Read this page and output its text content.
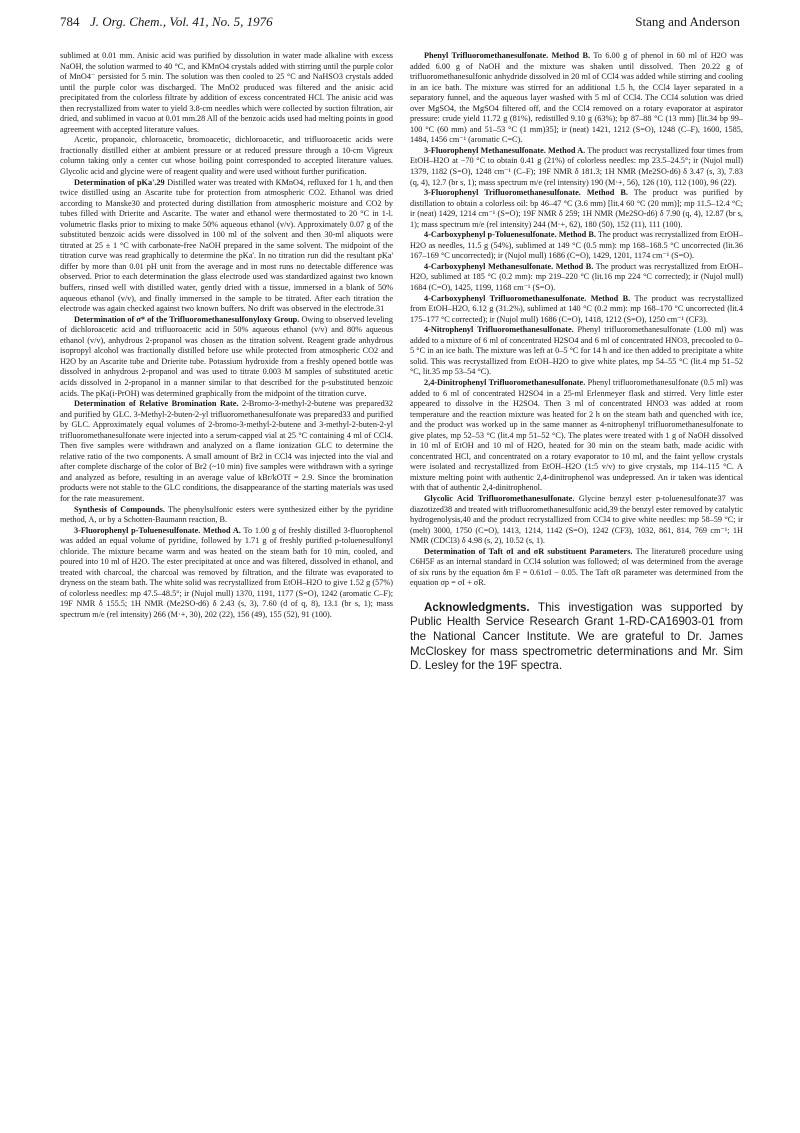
784 J. Org. Chem., Vol. 41, No. 5, 1976	Stang and Anderson

sublimed at 0.01 mm. Anisic acid was purified by dissolution in water made alkaline with excess NaOH, the solution warmed to 40 °C, and KMnO4 crystals added with stirring until the purple color of MnO4⁻ persisted for 5 min. The solution was then cooled to 25 °C and NaHSO3 crystals added until the purple color was discharged. The MnO2 produced was filtered and the anisic acid precipitated from the colorless filtrate by addition of excess concentrated HCl. The anisic acid was then recrystallized from water to yield 3.8-cm needles which were collected by suction filtration, air dried, and sublimed in vacuo at 0.01 mm.28 All of the benzoic acids used had melting points in good agreement with accepted literature values.

Acetic, propanoic, chloroacetic, bromoacetic, dichloroacetic, and trifluoroacetic acids were fractionally distilled either at ambient pressure or at reduced pressure through a 10-cm Vigreux column taking only a center cut whose boiling point corresponded to accepted literature values. Glycolic acid and glycine were of reagent quality and were used without further purification.

Determination of pKa'.29 Distilled water was treated with KMnO4, refluxed for 1 h, and then twice distilled using an Ascarite tube for protection from atmospheric CO2. Ethanol was dried according to Manske30 and protected during distillation from atmospheric moisture and CO2 by tubes filled with Drierite and Ascarite. The water and ethanol were thermostated to 20 °C in 1-l. volumetric flasks prior to mixing to make 50% aqueous ethanol (v/v). Approximately 0.07 g of the substituted benzoic acids were dissolved in 100 ml of the solvent and then 30-ml aliquots were titrated at 25 ± 1 °C with carbonate-free NaOH prepared in the same solvent. The midpoint of the titration curve was read graphically to determine the pKa'. In no titration run did the resultant pKa' differ by more than 0.01 pH unit from the average and in most runs no detectable difference was observed. Prior to each determination the glass electrode used was standardized against two known buffers, rinsed well with distilled water, gently dried with a tissue, immersed in a blank of 50% aqueous ethanol (v/v), and finally immersed in the sample to be titrated. After each titration the electrode was again checked against two known buffers. No drift was observed in the electrode.31

Determination of σ* of the Trifluoromethanesulfonyloxy Group. Owing to observed leveling of dichloroacetic acid and trifluoroacetic acid in 50% aqueous ethanol (v/v) and 80% aqueous ethanol (v/v), anhydrous 2-propanol was chosen as the titration solvent. Reagent grade anhydrous isopropyl alcohol was fractionally distilled before use while protected from atmospheric CO2 and H2O by an Ascarite tube and Drierite tube. Potassium hydroxide from a freshly opened bottle was dissolved in anhydrous 2-propanol and was used to titrate 0.003 M samples of substituted acetic acids dissolved in 2-propanol in a manner similar to that described for the p-substituted benzoic acids. The pKa(i-PrOH) was determined graphically from the midpoint of the titration curve.

Determination of Relative Bromination Rate. 2-Bromo-3-methyl-2-butene was prepared32 and purified by GLC. 3-Methyl-2-buten-2-yl trifluoromethanesulfonate was prepared33 and purified by GLC. Approximately equal volumes of 2-bromo-3-methyl-2-butene and 3-methyl-2-buten-2-yl trifluoromethanesulfonate were injected into a serum-capped vial at 25 °C containing 4 ml of CCl4. Then five samples were withdrawn and analyzed on a flame ionization GLC to determine the relative ratio of the two components. A small amount of Br2 in CCl4 was injected into the vial and after complete discharge of the color of Br2 (~10 min) five samples were withdrawn with a syringe and analyzed as before, resulting in an average value of kBr/kOTf = 2.9. Since the bromination products were not stable to the GLC conditions, the disappearance of the starting materials was used for the rate measurement.

Synthesis of Compounds. The phenylsulfonic esters were synthesized either by the pyridine method, A, or by a Schotten-Baumann reaction, B.

3-Fluorophenyl p-Toluenesulfonate. Method A. To 1.00 g of freshly distilled 3-fluorophenol was added an equal volume of pyridine, followed by 1.71 g of freshly purified p-toluenesulfonyl chloride. The mixture became warm and was heated on the steam bath for 10 min, cooled, and poured into 10 ml of H2O. The ester precipitated at once and was filtered, dissolved in ethanol, and treated with charcoal, the charcoal was removed by filtration, and the filtrate was evaporated to dryness on the steam bath. The white solid was recrystallized from EtOH–H2O to give 1.52 g (57%) of colorless needles: mp 47.5–48.5°; ir (Nujol mull) 1370, 1191, 1177 (S=O), 1242 (aromatic C–F); 19F NMR δ 155.5; 1H NMR (Me2SO-d6) δ 2.43 (s, 3), 7.60 (d of q, 8), 13.1 (br s, 1); mass spectrum m/e (rel intensity) 266 (M·+, 30), 202 (22), 156 (49), 155 (52), 91 (100).

Phenyl Trifluoromethanesulfonate. Method B. To 6.00 g of phenol in 60 ml of H2O was added 6.00 g of NaOH and the mixture was shaken until dissolved. Then 20.22 g of trifluoromethanesulfonic anhydride dissolved in 20 ml of CCl4 was added while stirring and cooling in an ice bath. The mixture was stirred for an additional 1.5 h, the CCl4 layer separated in a separatory funnel, and the aqueous layer washed with 5 ml of CCl4. The CCl4 solution was dried over MgSO4, the MgSO4 filtered off, and the CCl4 removed on a rotary evaporator at aspirator pressure: crude yield 11.72 g (81%), redistilled 9.10 g (63%); bp 87–88 °C (13 mm) [lit.34 bp 99–100 °C (60 mm) and 51–53 °C (1 mm)35]; ir (neat) 1421, 1212 (S=O), 1248 (C–F), 1600, 1585, 1484, 1456 cm⁻¹ (aromatic C=C).

3-Fluorophenyl Methanesulfonate. Method A. The product was recrystallized four times from EtOH–H2O at −70 °C to obtain 0.41 g (21%) of colorless needles: mp 23.5–24.5°; ir (Nujol mull) 1379, 1182 (S=O), 1248 cm⁻¹ (C–F); 19F NMR δ 181.3; 1H NMR (Me2SO-d6) δ 3.47 (s, 3), 7.83 (q, 4), 12.7 (br s, 1); mass spectrum m/e (rel intensity) 190 (M·+, 56), 126 (10), 112 (100), 96 (22).

3-Fluorophenyl Trifluoromethanesulfonate. Method B. The product was purified by distillation to obtain a colorless oil: bp 46–47 °C (3.6 mm) [lit.4 60 °C (20 mm)]; mp 11.5–12.4 °C; ir (neat) 1429, 1214 cm⁻¹ (S=O); 19F NMR δ 259; 1H NMR (Me2SO-d6) δ 7.90 (q, 4), 12.87 (br s, 1); mass spectrum m/e (rel intensity) 244 (M·+, 62), 180 (50), 152 (11), 111 (100).

4-Carboxyphenyl p-Toluenesulfonate. Method B. The product was recrystallized from EtOH–H2O as needles, 11.5 g (54%), sublimed at 149 °C (0.5 mm): mp 168–168.5 °C uncorrected (lit.36 167–169 °C uncorrected); ir (Nujol mull) 1686 (C=O), 1429, 1201, 1174 cm⁻¹ (S=O).

4-Carboxyphenyl Methanesulfonate. Method B. The product was recrystallized from EtOH–H2O, sublimed at 185 °C (0.2 mm): mp 219–220 °C (lit.16 mp 224 °C corrected); ir (Nujol mull) 1684 (C=O), 1425, 1199, 1168 cm⁻¹ (S=O).

4-Carboxyphenyl Trifluoromethanesulfonate. Method B. The product was recrystallized from EtOH–H2O, 6.12 g (31.2%), sublimed at 140 °C (0.2 mm): mp 168–170 °C uncorrected (lit.4 175–177 °C corrected); ir (Nujol mull) 1686 (C=O), 1418, 1212 (S=O), 1250 cm⁻¹ (CF3).

4-Nitrophenyl Trifluoromethanesulfonate. Phenyl trifluoromethanesulfonate (1.00 ml) was added to a mixture of 6 ml of concentrated H2SO4 and 6 ml of concentrated HNO3, precooled to 0–5 °C in an ice bath. The mixture was left at 0–5 °C for 14 h and ice then added to precipitate a white solid. This was recrystallized from EtOH–H2O to give white plates, mp 54–55 °C (lit.4 mp 51–52 °C, lit.35 mp 53–54 °C).

2,4-Dinitrophenyl Trifluoromethanesulfonate. Phenyl trifluoromethanesulfonate (0.5 ml) was added to 6 ml of concentrated H2SO4 in a 25-ml Erlenmeyer flask and stirred. Very little ester appeared to dissolve in the H2SO4. Then 3 ml of concentrated HNO3 was added at room temperature and the reaction mixture was heated for 2 h on the steam bath and quenched with ice, and the product was worked up in the same manner as 4-nitrophenyl trifluoromethanesulfonate to give plates, mp 52–53 °C (lit.4 mp 51–52 °C). The plates were treated with 1 g of NaOH dissolved in 10 ml of EtOH and 10 ml of H2O, heated for 30 min on the steam bath, made acidic with concentrated HCl, and concentrated on a rotary evaporator to 10 ml, and the faint yellow crystals were isolated and recrystallized from EtOH–H2O (1:5 v/v) to give crystals, mp 114–115 °C. A mixture melting point with authentic 2,4-dinitrophenol was undepressed. An ir taken was identical with that of authentic 2,4-dinitrophenol.

Glycolic Acid Trifluoromethanesulfonate. Glycine benzyl ester p-toluenesulfonate37 was diazotized38 and treated with trifluoromethanesulfonic acid,39 the benzyl ester removed by catalytic hydrogenolysis,40 and the product recrystallized from CCl4 to give white needles: mp 58–59 °C; ir (melt) 3000, 1750 (C=O), 1413, 1214, 1142 (S=O), 1242 (CF3), 1032, 861, 814, 769 cm⁻¹; 1H NMR (CDCl3) δ 4.98 (s, 2), 10.52 (s, 1).

Determination of Taft σI and σR substituent Parameters. The literature8 procedure using C6H5F as an internal standard in CCl4 solution was followed; σI was determined from the average of six runs by the equation δm F = 0.61σI − 0.05. The Taft σR parameter was determined from the equation σp = σI + σR.

Acknowledgments. This investigation was supported by Public Health Service Research Grant 1-RD-CA16903-01 from the National Cancer Institute. We are grateful to Dr. James McCloskey for mass spectrometric determinations and Mr. Sim D. Lesley for the 19F spectra.
